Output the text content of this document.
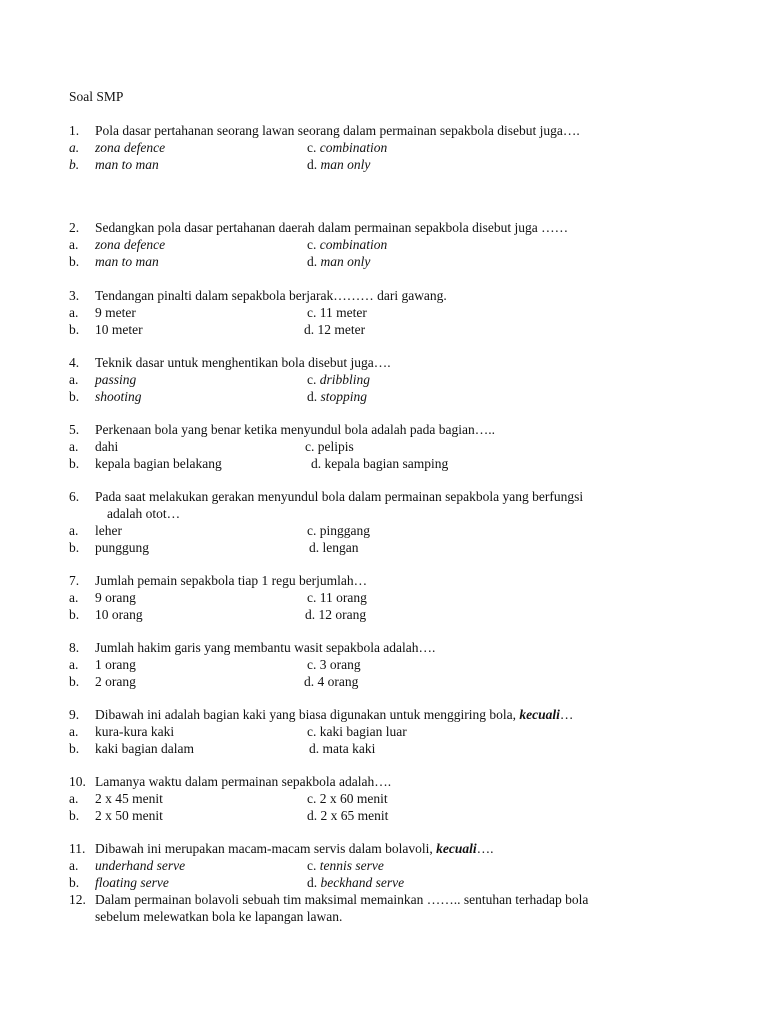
Soal SMP
1. Pola dasar pertahanan seorang lawan seorang dalam permainan sepakbola disebut juga….
a. zona defence	c. combination
b. man to man	d. man only
2. Sedangkan pola dasar pertahanan daerah dalam permainan sepakbola disebut juga ……
a. zona defence	c. combination
b. man to man	d. man only
3. Tendangan pinalti dalam sepakbola berjarak……… dari gawang.
a. 9 meter	c. 11 meter
b. 10 meter	d. 12 meter
4. Teknik dasar untuk menghentikan bola disebut juga….
a. passing	c. dribbling
b. shooting	d. stopping
5. Perkenaan bola yang benar ketika menyundul bola adalah pada bagian…..
a. dahi	c. pelipis
b. kepala bagian belakang	d. kepala bagian samping
6. Pada saat melakukan gerakan menyundul bola dalam permainan sepakbola yang berfungsi
adalah otot…
a. leher	c. pinggang
b. punggung	d. lengan
7. Jumlah pemain sepakbola tiap 1 regu berjumlah…
a. 9 orang	c. 11 orang
b. 10 orang	d. 12 orang
8. Jumlah hakim garis yang membantu wasit sepakbola adalah….
a. 1 orang	c. 3 orang
b. 2 orang	d. 4 orang
9. Dibawah ini adalah bagian kaki yang biasa digunakan untuk menggiring bola, kecuali…
a. kura-kura kaki	c. kaki bagian luar
b. kaki bagian dalam	d. mata kaki
10. Lamanya waktu dalam permainan sepakbola adalah….
a. 2 x 45 menit	c. 2 x 60 menit
b. 2 x 50 menit	d. 2 x 65 menit
11. Dibawah ini merupakan macam-macam servis dalam bolavoli, kecuali….
a. underhand serve	c. tennis serve
b. floating serve	d. beckhand serve
12. Dalam permainan bolavoli sebuah tim maksimal memainkan …….. sentuhan terhadap bola
sebelum melewatkan bola ke lapangan lawan.
